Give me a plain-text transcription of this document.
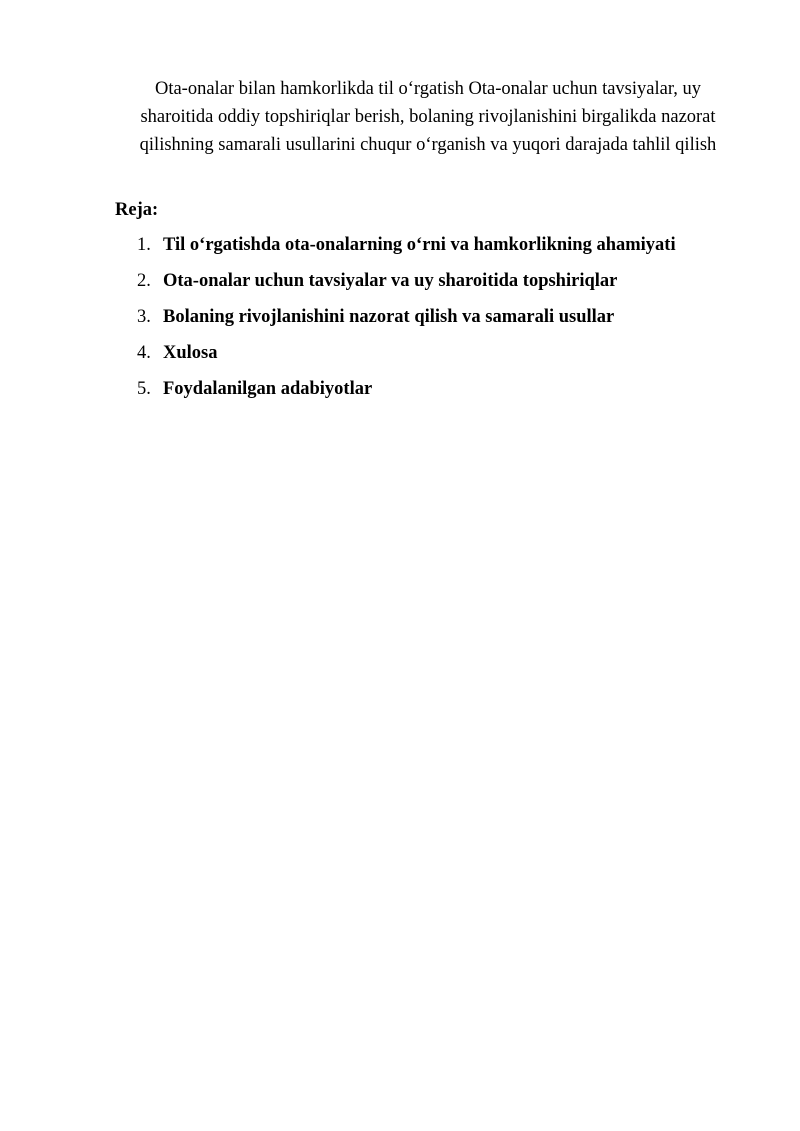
Ota-onalar bilan hamkorlikda til o‘rgatish Ota-onalar uchun tavsiyalar, uy
sharoitida oddiy topshiriqlar berish, bolaning rivojlanishini birgalikda nazorat
qilishning samarali usullarini chuqur o‘rganish va yuqori darajada tahlil qilish
Reja:
1. Til o‘rgatishda ota-onalarning o‘rni va hamkorlikning ahamiyati
2. Ota-onalar uchun tavsiyalar va uy sharoitida topshiriqlar
3. Bolaning rivojlanishini nazorat qilish va samarali usullar
4. Xulosa
5. Foydalanilgan adabiyotlar
